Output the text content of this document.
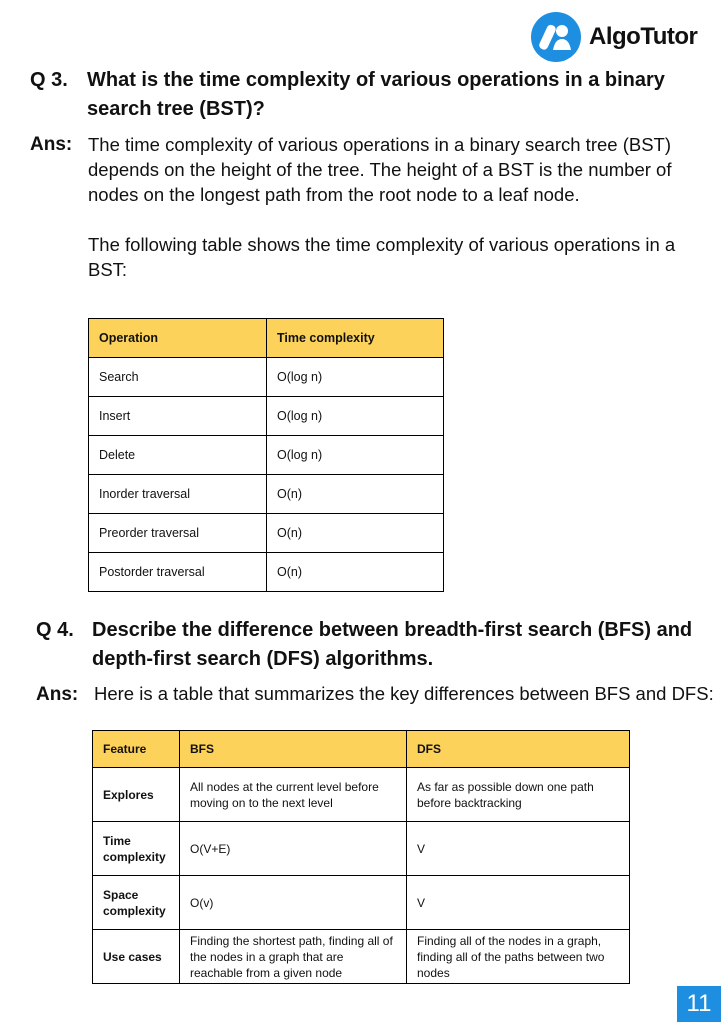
AlgoTutor
Q 3. What is the time complexity of various operations in a binary search tree (BST)?
Ans: The time complexity of various operations in a binary search tree (BST) depends on the height of the tree. The height of a BST is the number of nodes on the longest path from the root node to a leaf node.

The following table shows the time complexity of various operations in a BST:

Operation	Time complexity
Search	O(log n)
Insert	O(log n)
Delete	O(log n)
Inorder traversal	O(n)
Preorder traversal	O(n)
Postorder traversal	O(n)
Q 4. Describe the difference between breadth-first search (BFS) and depth-first search (DFS) algorithms.
Ans: Here is a table that summarizes the key differences between BFS and DFS:
Feature	BFS	DFS
Explores	All nodes at the current level before moving on to the next level	As far as possible down one path before backtracking
Time complexity	O(V+E)	V
Space complexity	O(v)	V
Use cases	Finding the shortest path, finding all of the nodes in a graph that are reachable from a given node	Finding all of the nodes in a graph, finding all of the paths between two nodes
11
